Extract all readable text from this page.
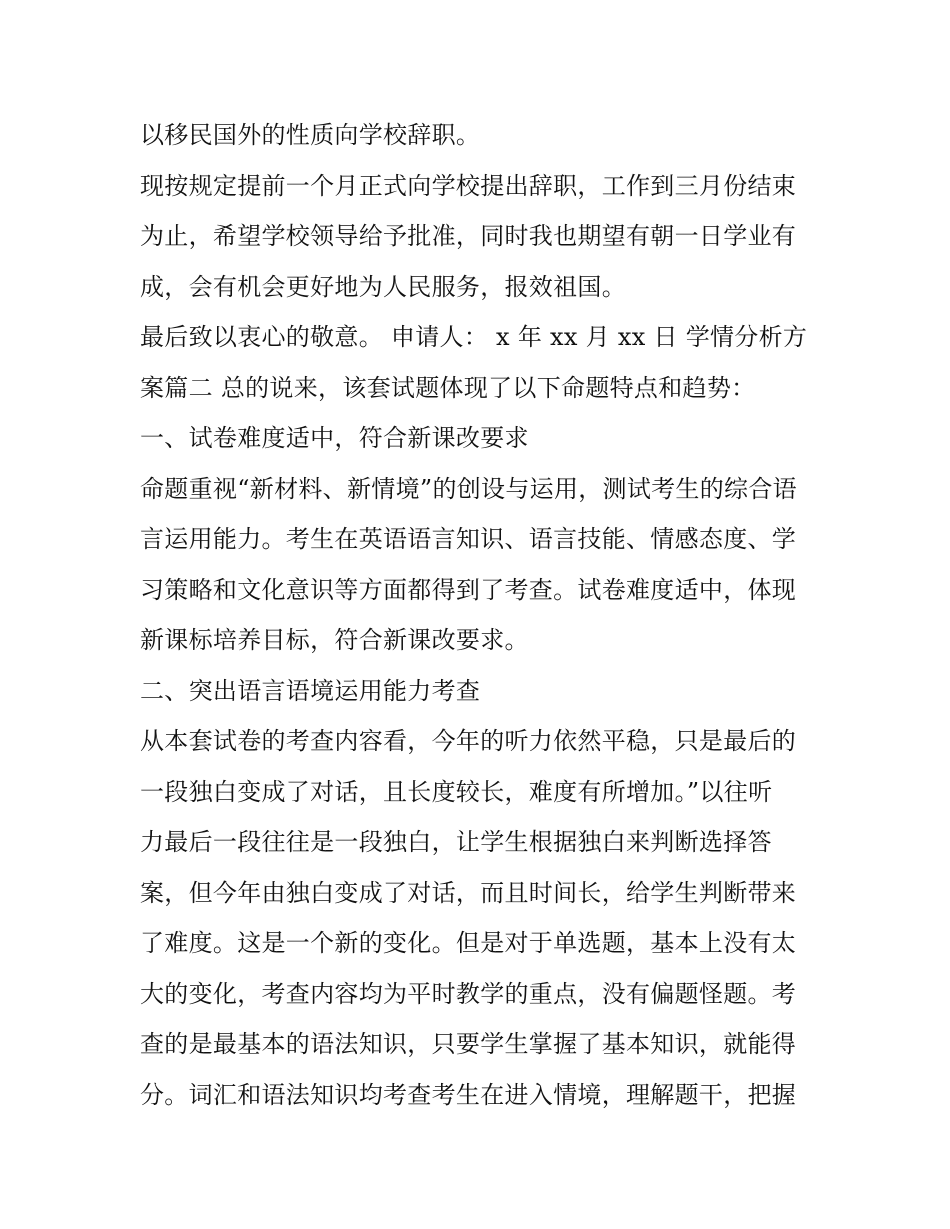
以移民国外的性质向学校辞职。
现按规定提前一个月正式向学校提出辞职，工作到三月份结束
为止，希望学校领导给予批准，同时我也期望有朝一日学业有
成，会有机会更好地为人民服务，报效祖国。
最后致以衷心的敬意。 申请人： x 年 xx 月 xx 日 学情分析方
案篇二 总的说来，该套试题体现了以下命题特点和趋势：
一、试卷难度适中，符合新课改要求
命题重视“新材料、新情境”的创设与运用，测试考生的综合语
言运用能力。考生在英语语言知识、语言技能、情感态度、学
习策略和文化意识等方面都得到了考查。试卷难度适中，体现
新课标培养目标，符合新课改要求。
二、突出语言语境运用能力考查
从本套试卷的考查内容看，今年的听力依然平稳，只是最后的
一段独白变成了对话，且长度较长，难度有所增加。”以往听
力最后一段往往是一段独白，让学生根据独白来判断选择答
案，但今年由独白变成了对话，而且时间长，给学生判断带来
了难度。这是一个新的变化。但是对于单选题，基本上没有太
大的变化，考查内容均为平时教学的重点，没有偏题怪题。考
查的是最基本的语法知识，只要学生掌握了基本知识，就能得
分。词汇和语法知识均考查考生在进入情境，理解题干，把握
